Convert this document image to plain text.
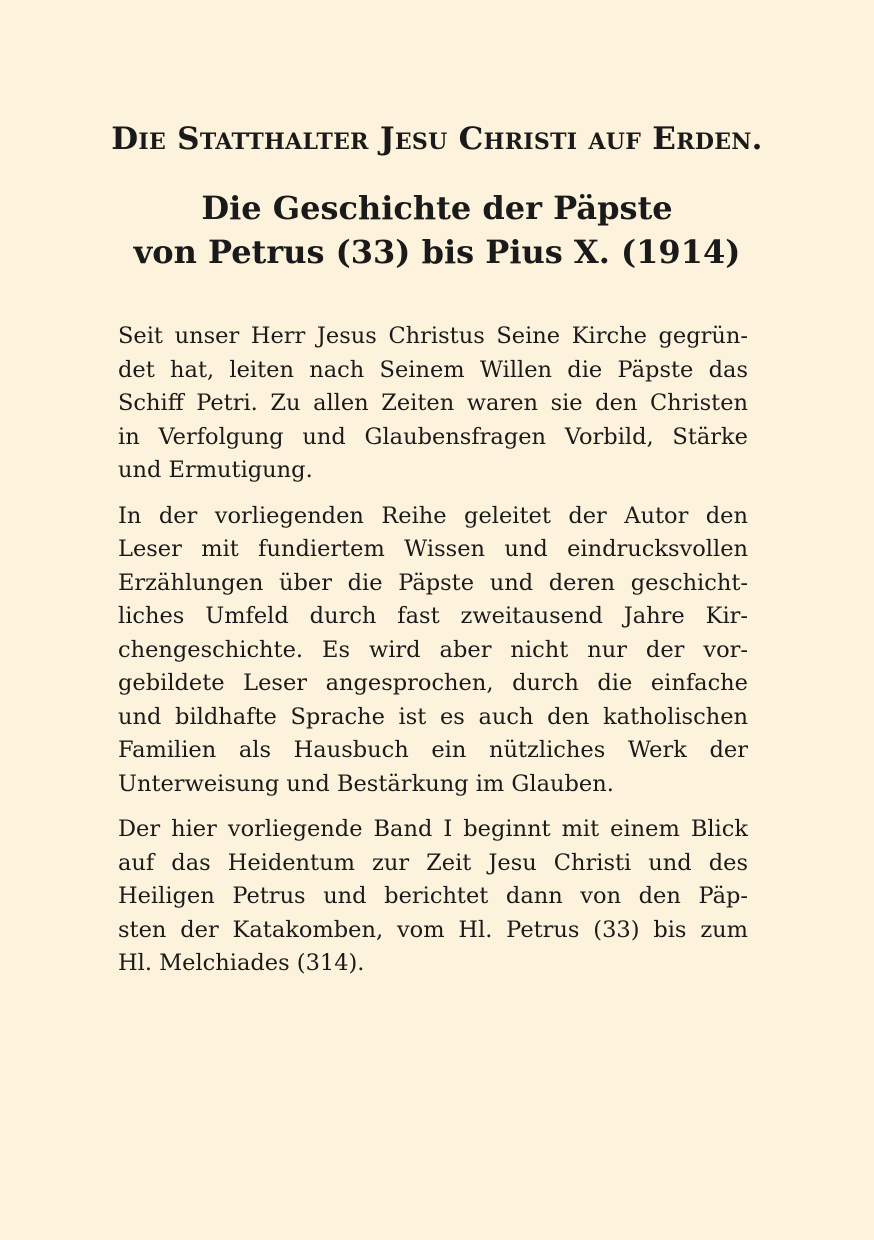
Die Statthalter Jesu Christi auf Erden.
Die Geschichte der Päpste
von Petrus (33) bis Pius X. (1914)

Seit unser Herr Jesus Christus Seine Kirche gegrün-
det hat, leiten nach Seinem Willen die Päpste das
Schiff Petri. Zu allen Zeiten waren sie den Christen
in Verfolgung und Glaubensfragen Vorbild, Stärke
und Ermutigung.

In der vorliegenden Reihe geleitet der Autor den
Leser mit fundiertem Wissen und eindrucksvollen
Erzählungen über die Päpste und deren geschicht-
liches Umfeld durch fast zweitausend Jahre Kir-
chengeschichte. Es wird aber nicht nur der vor-
gebildete Leser angesprochen, durch die einfache
und bildhafte Sprache ist es auch den katholischen
Familien als Hausbuch ein nützliches Werk der
Unterweisung und Bestärkung im Glauben.

Der hier vorliegende Band I beginnt mit einem Blick
auf das Heidentum zur Zeit Jesu Christi und des
Heiligen Petrus und berichtet dann von den Päp-
sten der Katakomben, vom Hl. Petrus (33) bis zum
Hl. Melchiades (314).
